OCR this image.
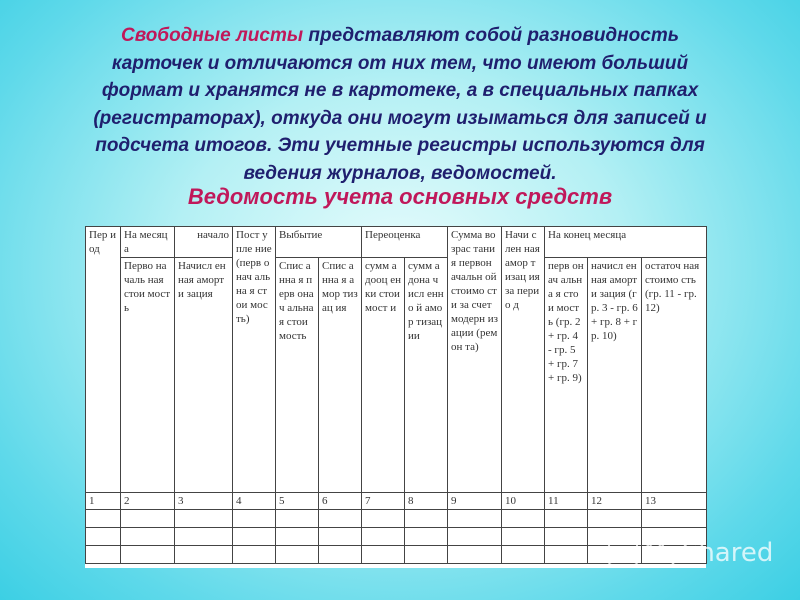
Свободные листы представляют собой разновидность
карточек и отличаются от них тем, что имеют больший
формат и хранятся не в картотеке, а в специальных папках
(регистраторах), откуда они могут изыматься для записей и
подсчета итогов. Эти учетные регистры используются для
ведения журналов, ведомостей.
Ведомость учета основных средств
Пер иод	На месяца	начало	Пост упле ние (перв онач альна я стои мость)	Выбытие		Переоценка		Сумма возрас тания первон ачальн ой стоимо сти за счет модерн изации (ремон та)	Начи слен ная амор тизац ия за перио д	На конец месяца		
	Перво началь ная стои мость	Начисл енная аморти зация		Спис анна я перв онач альна я стои мость	Спис анна я амор тизац ия	сумм а дооц енки стои мост и	сумм а дона числ енно й амор тизац ии			перв онач альна я стои мость (гр. 2 + гр. 4 - гр. 5 + гр. 7 + гр. 9)	начисл енная аморти зация (гр. 3 - гр. 6 + гр. 8 + гр. 10)	остаточ ная стоимо сть (гр. 11 - гр. 12)
1	2	3	4	5	6	7	8	9	10	11	12	13

MyShared
